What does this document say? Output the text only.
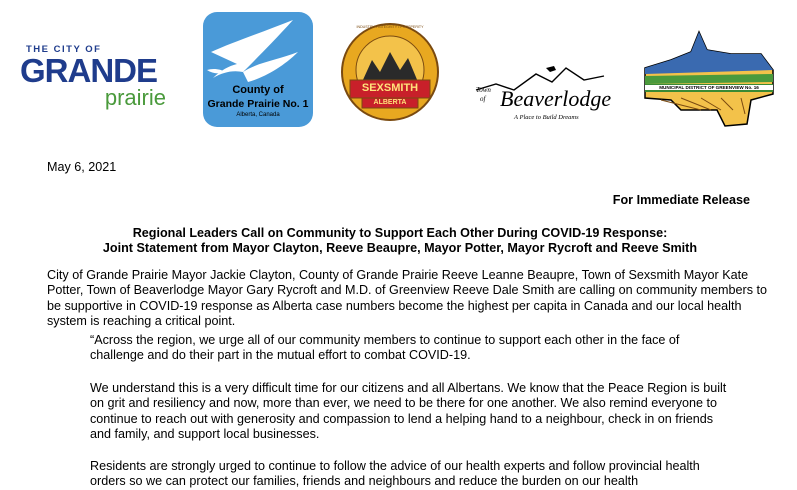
THE CITY OF
GRANDE
prairie	County of
Grande Prairie No. 1
Alberta, Canada
INDUSTRY • INTEGRITY • PROSPERITY
SEXSMITH
ALBERTA
Town
of Beaverlodge
A Place to Build Dreams
MUNICIPAL DISTRICT OF GREENVIEW No. 16
May 6, 2021
For Immediate Release
Regional Leaders Call on Community to Support Each Other During COVID-19 Response:
Joint Statement from Mayor Clayton, Reeve Beaupre, Mayor Potter, Mayor Rycroft and Reeve Smith
City of Grande Prairie Mayor Jackie Clayton, County of Grande Prairie Reeve Leanne Beaupre, Town of Sexsmith Mayor Kate Potter, Town of Beaverlodge Mayor Gary Rycroft and M.D. of Greenview Reeve Dale Smith are calling on community members to be supportive in COVID-19 response as Alberta case numbers become the highest per capita in Canada and our local health system is reaching a critical point.
“Across the region, we urge all of our community members to continue to support each other in the face of challenge and do their part in the mutual effort to combat COVID-19.
We understand this is a very difficult time for our citizens and all Albertans. We know that the Peace Region is built on grit and resiliency and now, more than ever, we need to be there for one another. We also remind everyone to continue to reach out with generosity and compassion to lend a helping hand to a neighbour, check in on friends and family, and support local businesses.
Residents are strongly urged to continue to follow the advice of our health experts and follow provincial health orders so we can protect our families, friends and neighbours and reduce the burden on our health
